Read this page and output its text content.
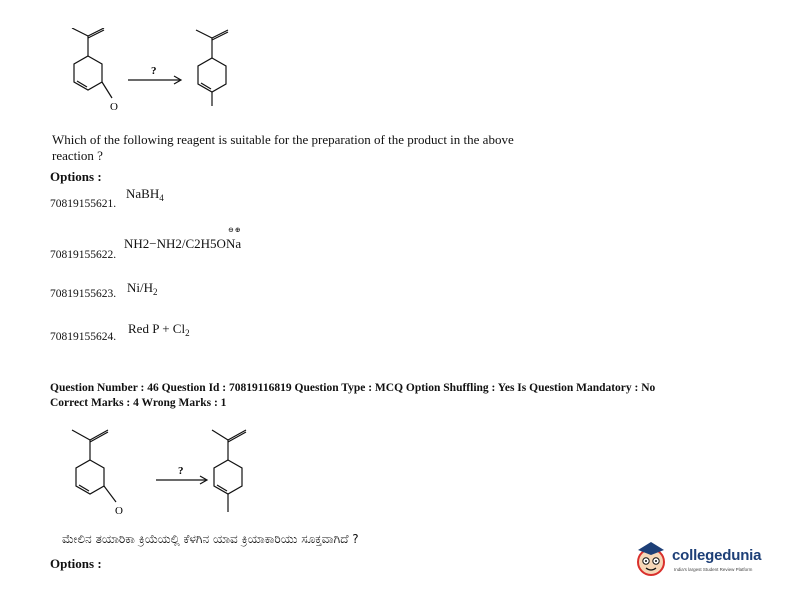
?
O
Which of the following reagent is suitable for the preparation of the product in the above
reaction ?
Options :
70819155621.
NaBH$_4$
70819155622.
⊖⊕
NH2−NH2/C2H5ONa
70819155623. $Ni/H_2$
70819155624.
Red $P + Cl_2$
Question Number : 46 Question Id : 70819116819 Question Type : MCQ Option Shuffling : Yes Is Question Mandatory : No
Correct Marks : 4 Wrong Marks : 1
?
O
ಮೇಲಿನ ತಯಾರಿಕಾ ಕ್ರಿಯೆಯಲ್ಲಿ ಕೆಳಗಿನ ಯಾವ ಕ್ರಿಯಾಕಾರಿಯು ಸೂಕ್ತವಾಗಿದೆ ?
Options :	collegedunia
India's largest Student Review Platform
